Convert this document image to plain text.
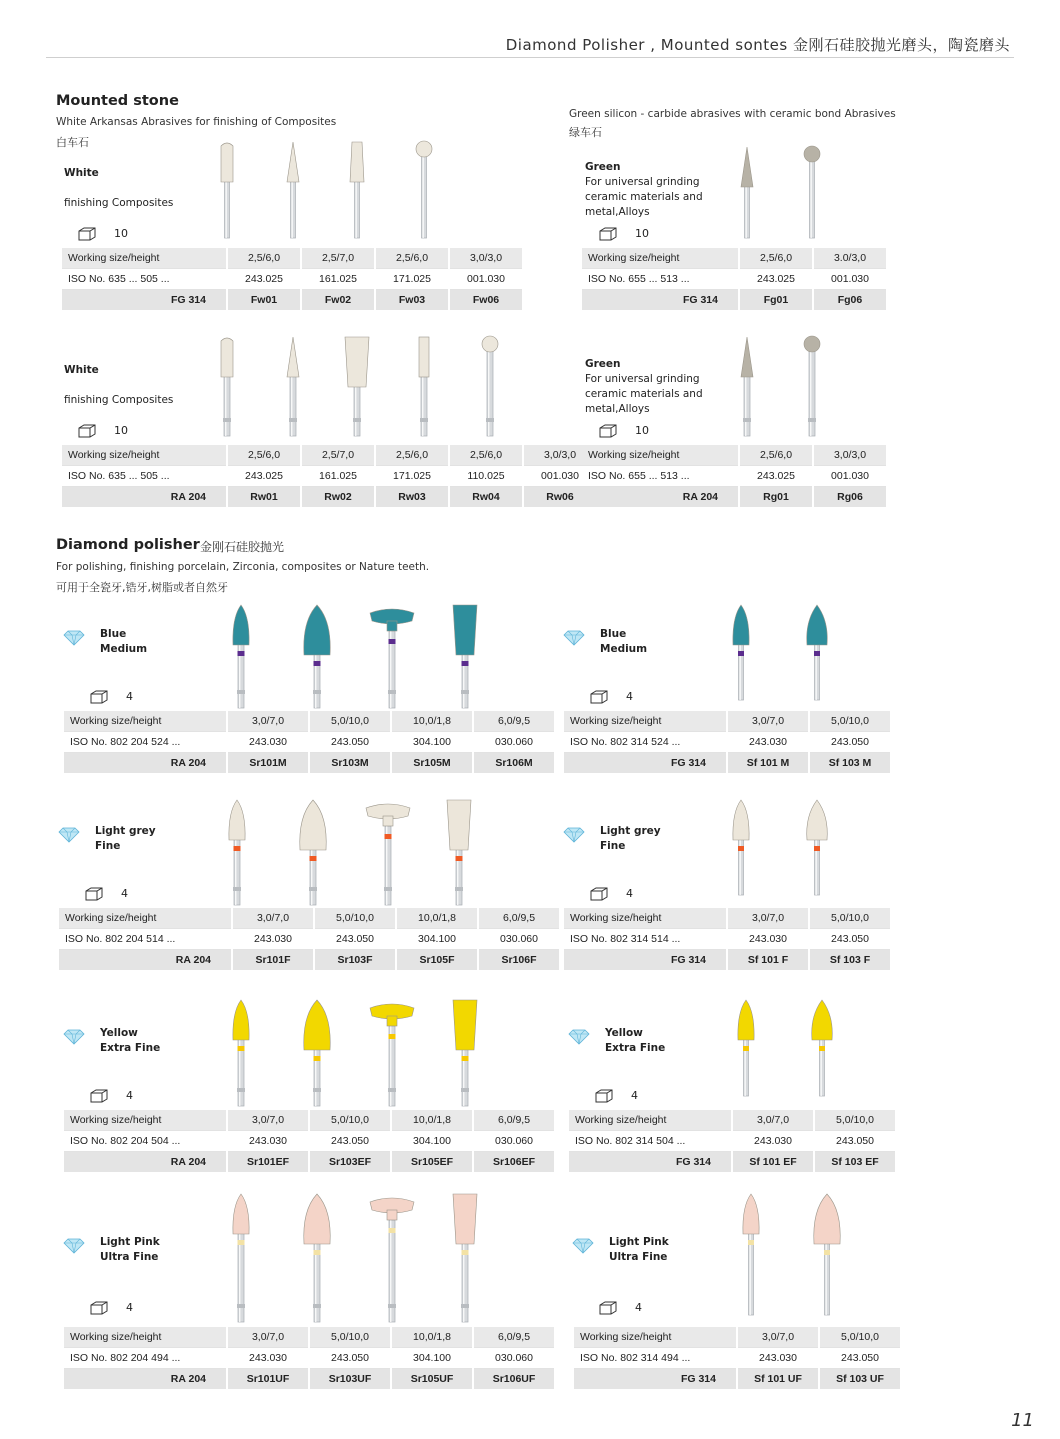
Diamond Polisher , Mounted sontes 金刚石硅胶抛光磨头，陶瓷磨头
Mounted stone
White Arkansas Abrasives for finishing of Composites
白车石
Green silicon - carbide abrasives with ceramic bond Abrasives
绿车石
Diamond polisher 金刚石硅胶抛光
For polishing, finishing porcelain, Zirconia, composites or Nature teeth.
可用于全瓷牙,锆牙,树脂或者自然牙
White
finishing Composites
10
Working size/height	2,5/6,0	2,5/7,0	2,5/6,0	3,0/3,0
ISO No. 635 ... 505 ...	243.025	161.025	171.025	001.030
FG 314	Fw01	Fw02	Fw03	Fw06
Green
For universal grinding ceramic materials and metal,Alloys
10
Working size/height	2,5/6,0	3.0/3,0
ISO No. 655 ... 513 ...	243.025	001.030
FG 314	Fg01	Fg06
White
finishing Composites
10
Working size/height	2,5/6,0	2,5/7,0	2,5/6,0	2,5/6,0	3,0/3,0
ISO No. 635 ... 505 ...	243.025	161.025	171.025	110.025	001.030
RA 204	Rw01	Rw02	Rw03	Rw04	Rw06
Green
For universal grinding ceramic materials and metal,Alloys
10
Working size/height	2,5/6,0	3,0/3,0
ISO No. 655 ... 513 ...	243.025	001.030
RA 204	Rg01	Rg06
Blue
Medium
4
Working size/height	3,0/7,0	5,0/10,0	10,0/1,8	6,0/9,5
ISO No. 802 204 524 ...	243.030	243.050	304.100	030.060
RA 204	Sr101M	Sr103M	Sr105M	Sr106M
Blue
Medium
4
Working size/height	3,0/7,0	5,0/10,0
ISO No. 802 314 524 ...	243.030	243.050
FG 314	Sf 101 M	Sf 103 M
Light grey
Fine
4
Working size/height	3,0/7,0	5,0/10,0	10,0/1,8	6,0/9,5
ISO No. 802 204 514 ...	243.030	243.050	304.100	030.060
RA 204	Sr101F	Sr103F	Sr105F	Sr106F
Light grey
Fine
4
Working size/height	3,0/7,0	5,0/10,0
ISO No. 802 314 514 ...	243.030	243.050
FG 314	Sf 101 F	Sf 103 F
Yellow
Extra Fine
4
Working size/height	3,0/7,0	5,0/10,0	10,0/1,8	6,0/9,5
ISO No. 802 204 504 ...	243.030	243.050	304.100	030.060
RA 204	Sr101EF	Sr103EF	Sr105EF	Sr106EF
Yellow
Extra Fine
4
Working size/height	3,0/7,0	5,0/10,0
ISO No. 802 314 504 ...	243.030	243.050
FG 314	Sf 101 EF	Sf 103 EF
Light Pink
Ultra Fine
4
Working size/height	3,0/7,0	5,0/10,0	10,0/1,8	6,0/9,5
ISO No. 802 204 494 ...	243.030	243.050	304.100	030.060
RA 204	Sr101UF	Sr103UF	Sr105UF	Sr106UF
Light Pink
Ultra Fine
4
Working size/height	3,0/7,0	5,0/10,0
ISO No. 802 314 494 ...	243.030	243.050
FG 314	Sf 101 UF	Sf 103 UF
11
